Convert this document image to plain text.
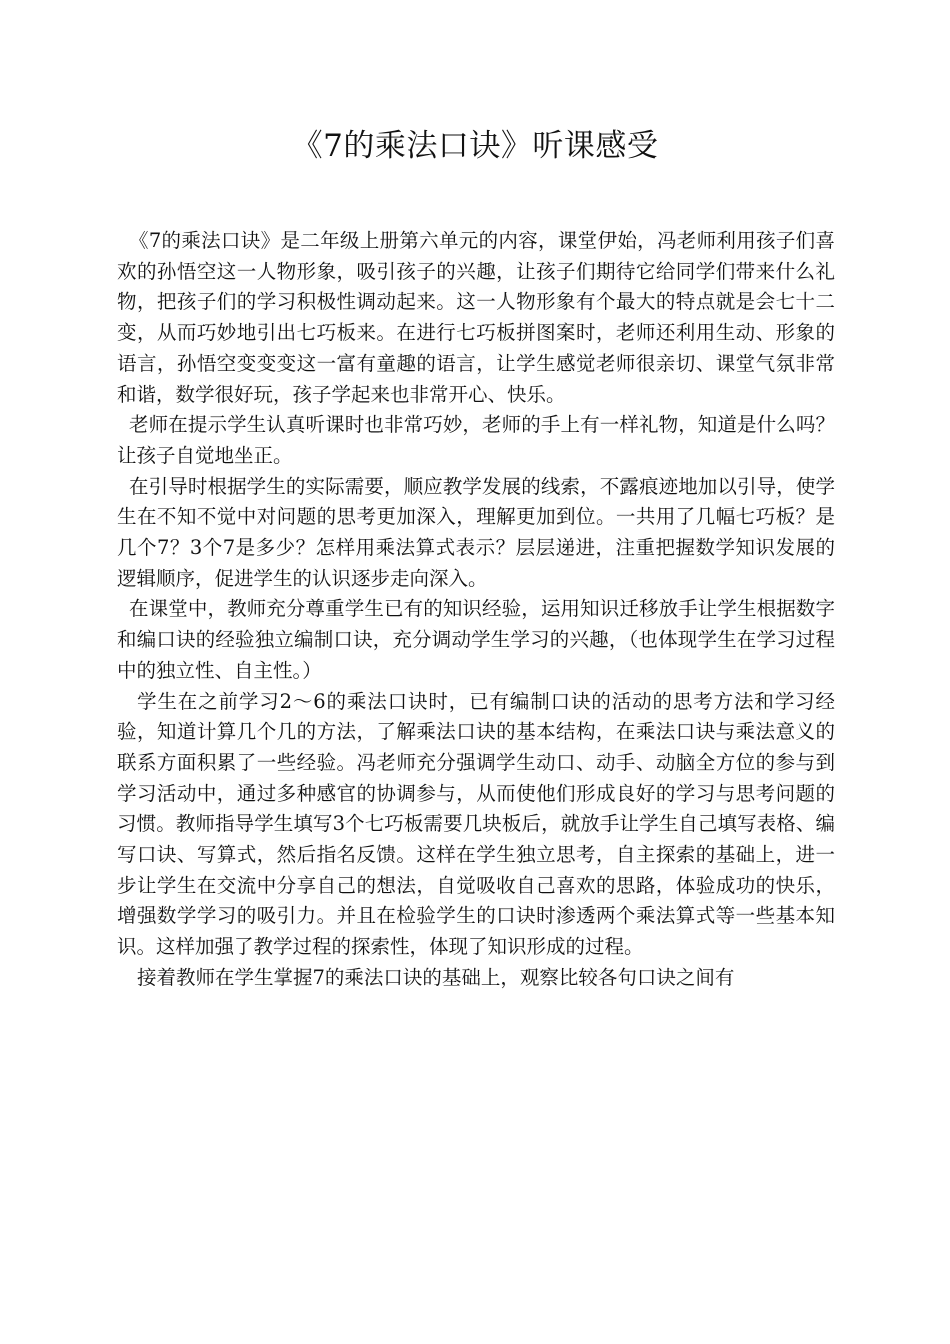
《7的乘法口诀》听课感受

《7的乘法口诀》是二年级上册第六单元的内容，课堂伊始，冯老师利用孩子们喜欢的孙悟空这一人物形象，吸引孩子的兴趣，让孩子们期待它给同学们带来什么礼物，把孩子们的学习积极性调动起来。这一人物形象有个最大的特点就是会七十二变，从而巧妙地引出七巧板来。在进行七巧板拼图案时，老师还利用生动、形象的语言，孙悟空变变变这一富有童趣的语言，让学生感觉老师很亲切、课堂气氛非常和谐，数学很好玩，孩子学起来也非常开心、快乐。

老师在提示学生认真听课时也非常巧妙，老师的手上有一样礼物，知道是什么吗？让孩子自觉地坐正。

在引导时根据学生的实际需要，顺应教学发展的线索，不露痕迹地加以引导，使学生在不知不觉中对问题的思考更加深入，理解更加到位。一共用了几幅七巧板？是几个7？3个7是多少？怎样用乘法算式表示？层层递进，注重把握数学知识发展的逻辑顺序，促进学生的认识逐步走向深入。

在课堂中，教师充分尊重学生已有的知识经验，运用知识迁移放手让学生根据数字和编口诀的经验独立编制口诀，充分调动学生学习的兴趣，（也体现学生在学习过程中的独立性、自主性。）

学生在之前学习2～6的乘法口诀时，已有编制口诀的活动的思考方法和学习经验，知道计算几个几的方法，了解乘法口诀的基本结构，在乘法口诀与乘法意义的联系方面积累了一些经验。冯老师充分强调学生动口、动手、动脑全方位的参与到学习活动中，通过多种感官的协调参与，从而使他们形成良好的学习与思考问题的习惯。教师指导学生填写3个七巧板需要几块板后，就放手让学生自己填写表格、编写口诀、写算式，然后指名反馈。这样在学生独立思考，自主探索的基础上，进一步让学生在交流中分享自己的想法，自觉吸收自己喜欢的思路，体验成功的快乐，增强数学学习的吸引力。并且在检验学生的口诀时渗透两个乘法算式等一些基本知识。这样加强了教学过程的探索性，体现了知识形成的过程。

接着教师在学生掌握7的乘法口诀的基础上，观察比较各句口诀之间有
